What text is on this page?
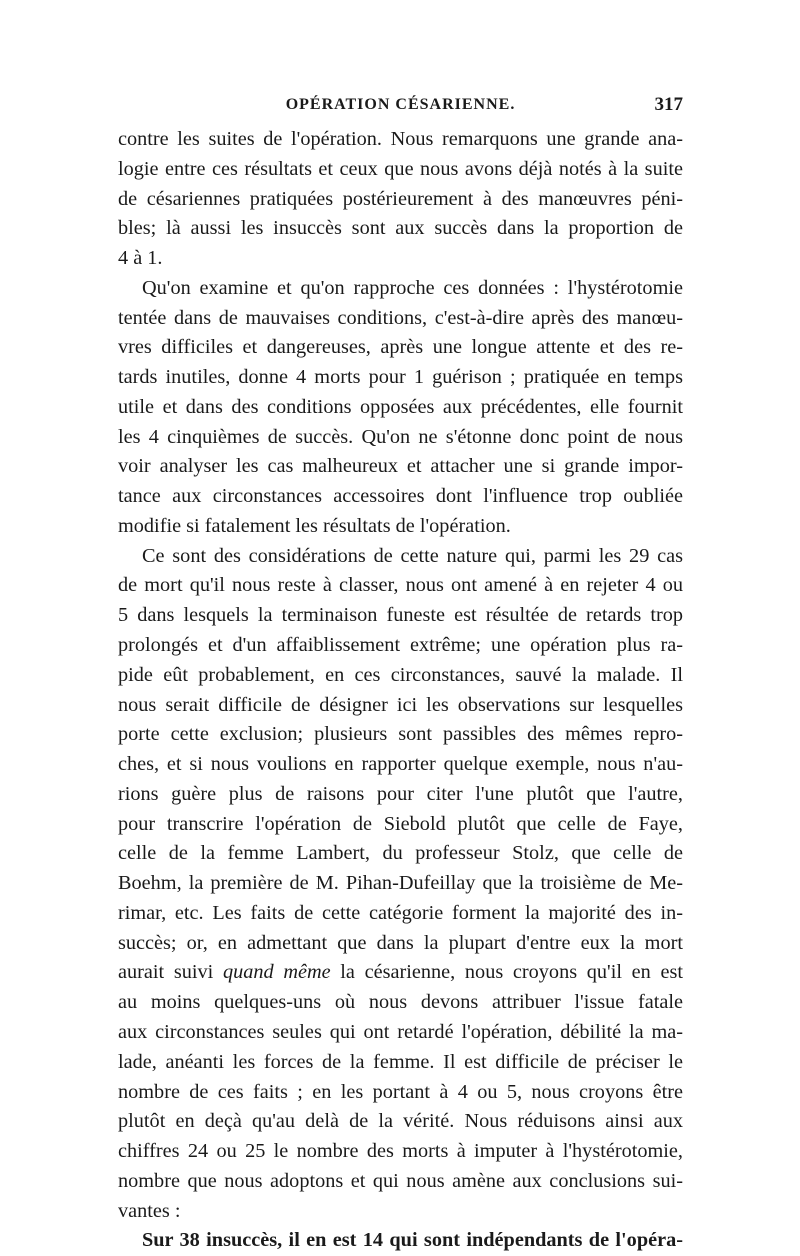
OPÉRATION CÉSARIENNE.	317
contre les suites de l'opération. Nous remarquons une grande ana-
logie entre ces résultats et ceux que nous avons déjà notés à la suite
de césariennes pratiquées postérieurement à des manœuvres péni-
bles; là aussi les insuccès sont aux succès dans la proportion de
4 à 1.
Qu'on examine et qu'on rapproche ces données : l'hystérotomie
tentée dans de mauvaises conditions, c'est-à-dire après des manœu-
vres difficiles et dangereuses, après une longue attente et des re-
tards inutiles, donne 4 morts pour 1 guérison ; pratiquée en temps
utile et dans des conditions opposées aux précédentes, elle fournit
les 4 cinquièmes de succès. Qu'on ne s'étonne donc point de nous
voir analyser les cas malheureux et attacher une si grande impor-
tance aux circonstances accessoires dont l'influence trop oubliée
modifie si fatalement les résultats de l'opération.
Ce sont des considérations de cette nature qui, parmi les 29 cas
de mort qu'il nous reste à classer, nous ont amené à en rejeter 4 ou
5 dans lesquels la terminaison funeste est résultée de retards trop
prolongés et d'un affaiblissement extrême; une opération plus ra-
pide eût probablement, en ces circonstances, sauvé la malade. Il
nous serait difficile de désigner ici les observations sur lesquelles
porte cette exclusion; plusieurs sont passibles des mêmes repro-
ches, et si nous voulions en rapporter quelque exemple, nous n'au-
rions guère plus de raisons pour citer l'une plutôt que l'autre,
pour transcrire l'opération de Siebold plutôt que celle de Faye,
celle de la femme Lambert, du professeur Stolz, que celle de
Boehm, la première de M. Pihan-Dufeillay que la troisième de Me-
rimar, etc. Les faits de cette catégorie forment la majorité des in-
succès; or, en admettant que dans la plupart d'entre eux la mort
aurait suivi quand même la césarienne, nous croyons qu'il en est
au moins quelques-uns où nous devons attribuer l'issue fatale
aux circonstances seules qui ont retardé l'opération, débilité la ma-
lade, anéanti les forces de la femme. Il est difficile de préciser le
nombre de ces faits ; en les portant à 4 ou 5, nous croyons être
plutôt en deçà qu'au delà de la vérité. Nous réduisons ainsi aux
chiffres 24 ou 25 le nombre des morts à imputer à l'hystérotomie,
nombre que nous adoptons et qui nous amène aux conclusions sui-
vantes :
Sur 38 insuccès, il en est 14 qui sont indépendants de l'opéra-
